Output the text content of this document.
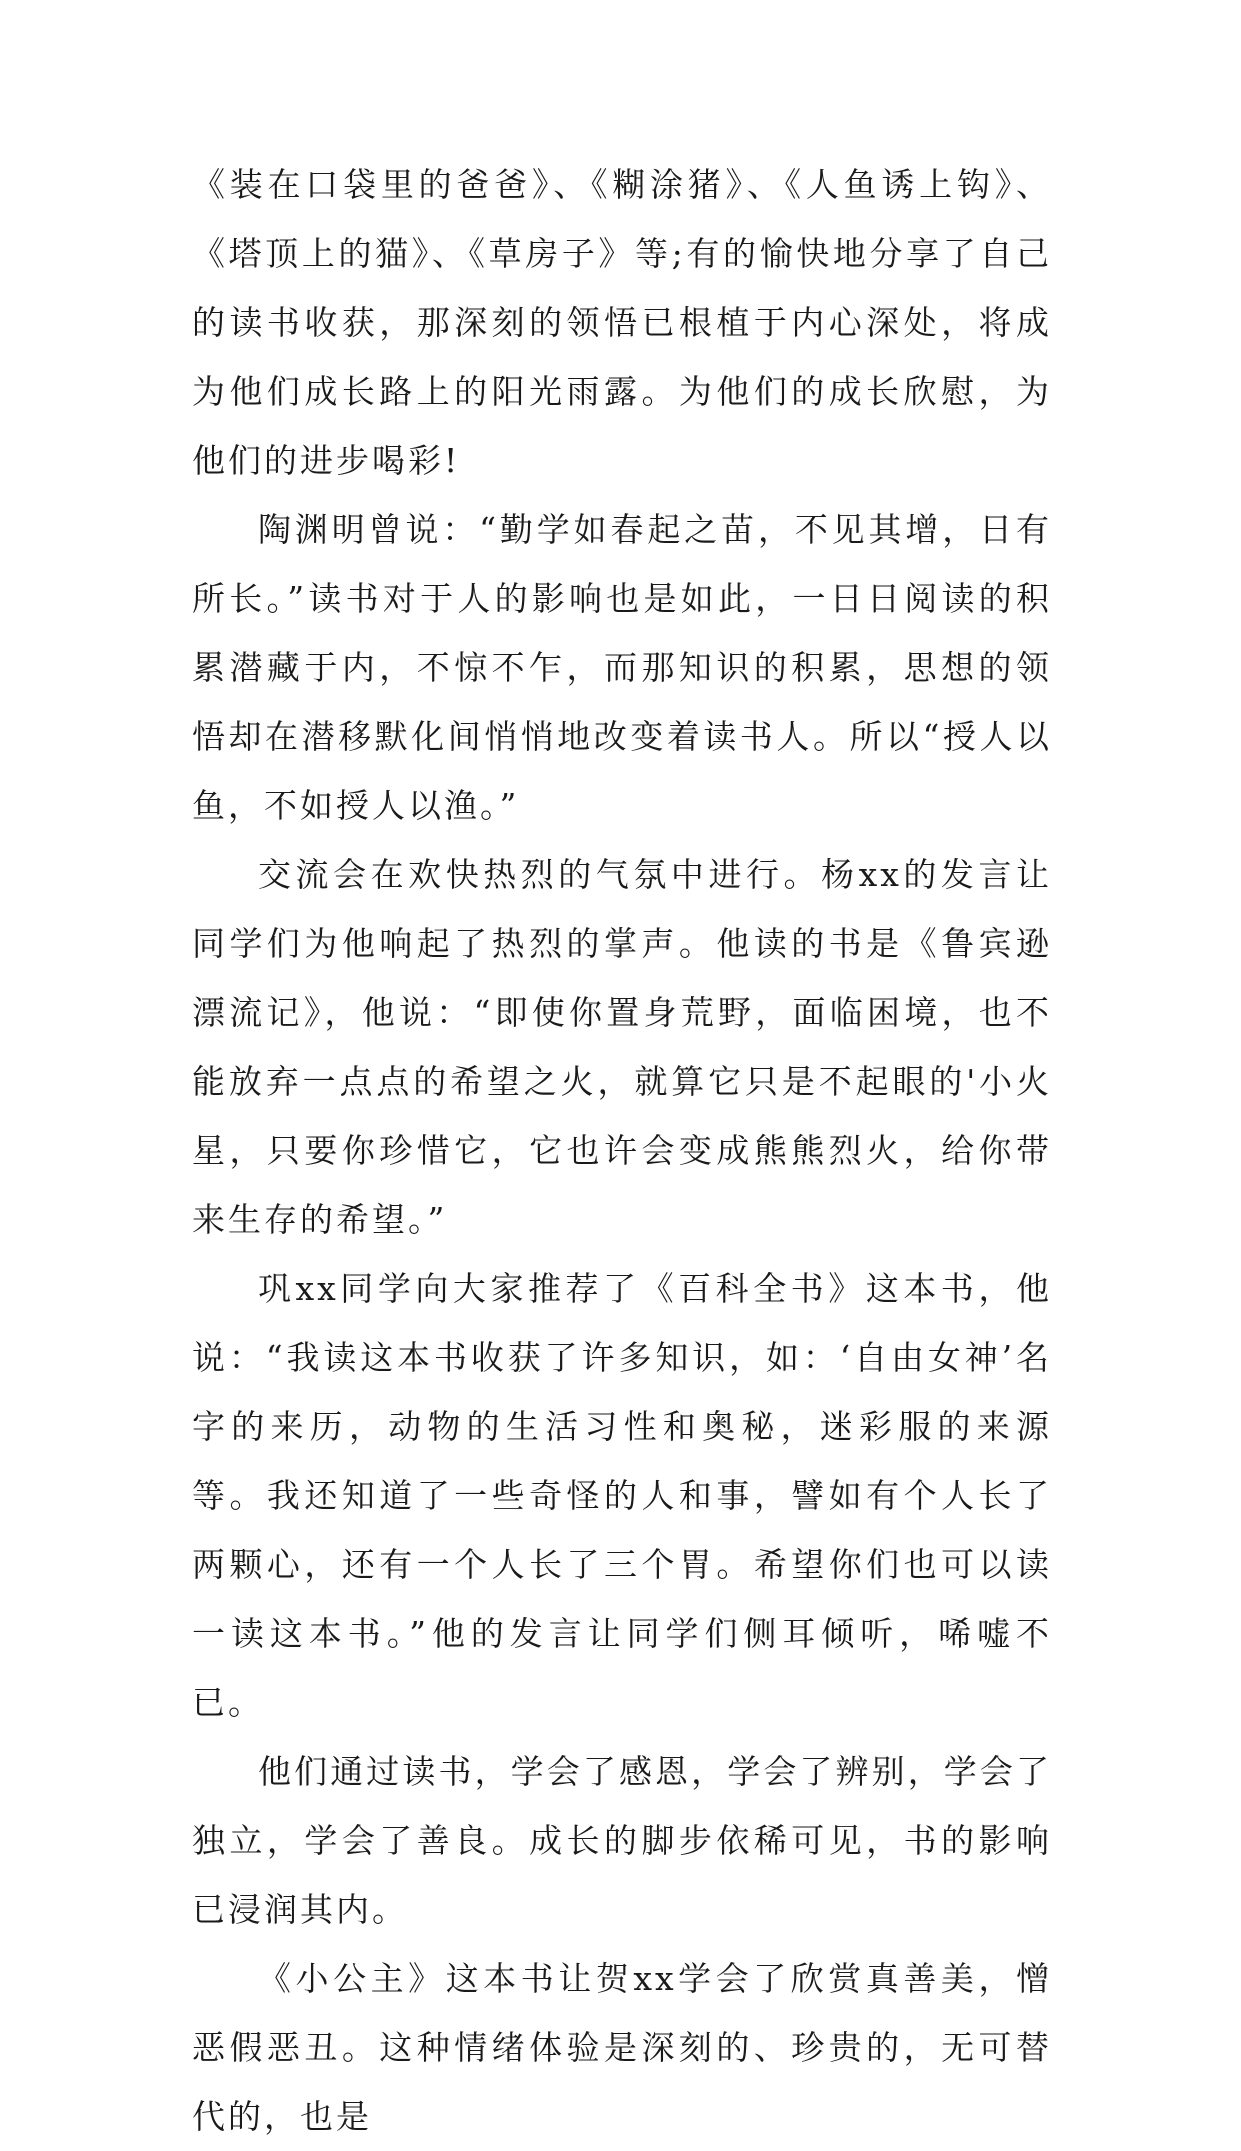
《装在口袋里的爸爸》、《糊涂猪》、《人鱼诱上钩》、《塔顶上的猫》、《草房子》等;有的愉快地分享了自己的读书收获，那深刻的领悟已根植于内心深处，将成为他们成长路上的阳光雨露。为他们的成长欣慰，为他们的进步喝彩!

陶渊明曾说：“勤学如春起之苗，不见其增，日有所长。”读书对于人的影响也是如此，一日日阅读的积累潜藏于内，不惊不乍，而那知识的积累，思想的领悟却在潜移默化间悄悄地改变着读书人。所以“授人以鱼，不如授人以渔。”

交流会在欢快热烈的气氛中进行。杨xx的发言让同学们为他响起了热烈的掌声。他读的书是《鲁宾逊漂流记》，他说：“即使你置身荒野，面临困境，也不能放弃一点点的希望之火，就算它只是不起眼的'小火星，只要你珍惜它，它也许会变成熊熊烈火，给你带来生存的希望。”

巩xx同学向大家推荐了《百科全书》这本书，他说：“我读这本书收获了许多知识，如：‘自由女神’名字的来历，动物的生活习性和奥秘，迷彩服的来源等。我还知道了一些奇怪的人和事，譬如有个人长了两颗心，还有一个人长了三个胃。希望你们也可以读一读这本书。”他的发言让同学们侧耳倾听，唏嘘不已。

他们通过读书，学会了感恩，学会了辨别，学会了独立，学会了善良。成长的脚步依稀可见，书的影响已浸润其内。

《小公主》这本书让贺xx学会了欣赏真善美，憎恶假恶丑。这种情绪体验是深刻的、珍贵的，无可替代的，也是
